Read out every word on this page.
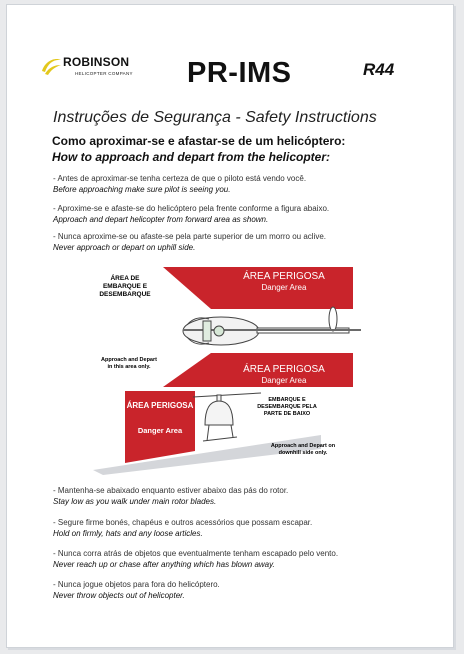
ROBINSON
HELICOPTER COMPANY PR-IMS	R44
Instruções de Segurança - Safety Instructions
Como aproximar-se e afastar-se de um helicóptero:
How to approach and depart from the helicopter:
- Antes de aproximar-se tenha certeza de que o piloto está vendo você.
Before approaching make sure pilot is seeing you.
- Aproxime-se e afaste-se do helicóptero pela frente conforme a figura abaixo.
Approach and depart helicopter from forward area as shown.
- Nunca aproxime-se ou afaste-se pela parte superior de um morro ou aclive.
Never approach or depart on uphill side.
ÁREA PERIGOSA
Danger Area
ÁREA PERIGOSA
Danger Area
ÁREA DE
EMBARQUE E
DESEMBARQUE
Approach and Depart
in this area only.
ÁREA PERIGOSA
Danger Area
EMBARQUE E
DESEMBARQUE PELA
PARTE DE BAIXO
Approach and Depart on
downhill side only.
- Mantenha-se abaixado enquanto estiver abaixo das pás do rotor.
Stay low as you walk under main rotor blades.
- Segure firme bonés, chapéus e outros acessórios que possam escapar.
Hold on firmly, hats and any loose articles.
- Nunca corra atrás de objetos que eventualmente tenham escapado pelo vento.
Never reach up or chase after anything which has blown away.
- Nunca jogue objetos para fora do helicóptero.
Never throw objects out of helicopter.
